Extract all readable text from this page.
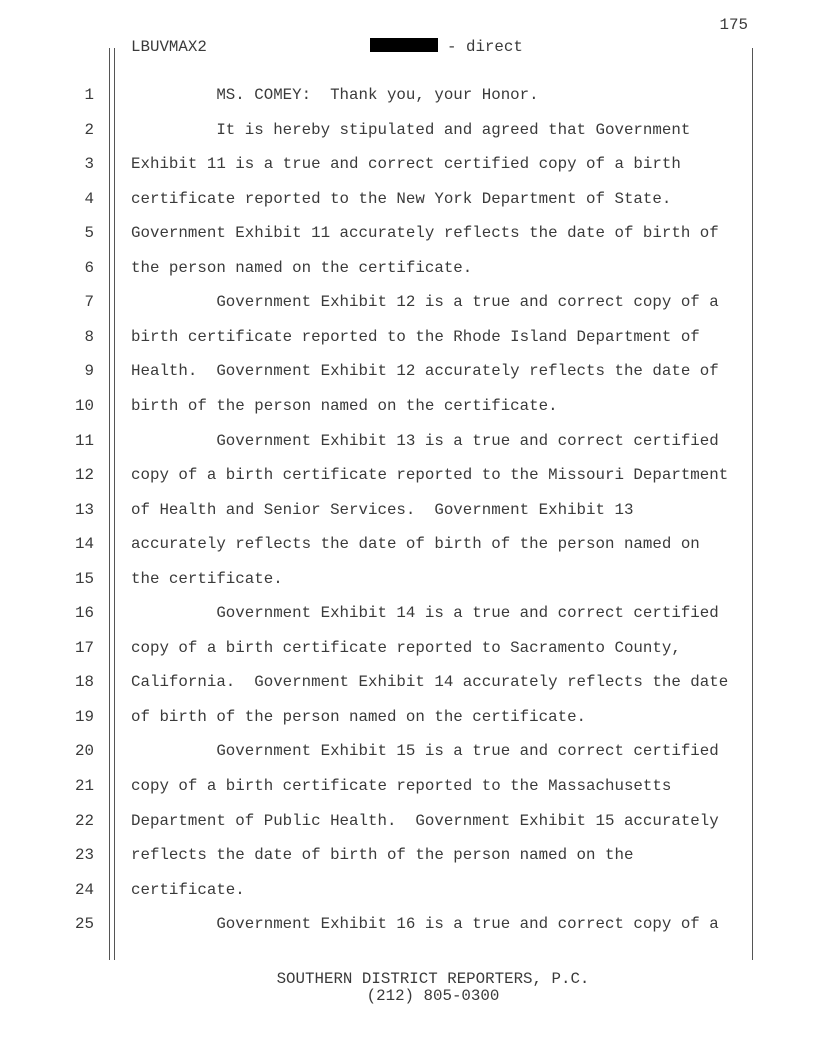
175
LBUVMAX2	- direct
1 MS. COMEY:  Thank you, your Honor.
2 It is hereby stipulated and agreed that Government
3 Exhibit 11 is a true and correct certified copy of a birth
4 certificate reported to the New York Department of State.
5 Government Exhibit 11 accurately reflects the date of birth of
6 the person named on the certificate.
7 Government Exhibit 12 is a true and correct copy of a
8 birth certificate reported to the Rhode Island Department of
9 Health.  Government Exhibit 12 accurately reflects the date of
10 birth of the person named on the certificate.
11 Government Exhibit 13 is a true and correct certified
12 copy of a birth certificate reported to the Missouri Department
13 of Health and Senior Services.  Government Exhibit 13
14 accurately reflects the date of birth of the person named on
15 the certificate.
16 Government Exhibit 14 is a true and correct certified
17 copy of a birth certificate reported to Sacramento County,
18 California.  Government Exhibit 14 accurately reflects the date
19 of birth of the person named on the certificate.
20 Government Exhibit 15 is a true and correct certified
21 copy of a birth certificate reported to the Massachusetts
22 Department of Public Health.  Government Exhibit 15 accurately
23 reflects the date of birth of the person named on the
24 certificate.
25 Government Exhibit 16 is a true and correct copy of a
SOUTHERN DISTRICT REPORTERS, P.C.
(212) 805-0300
